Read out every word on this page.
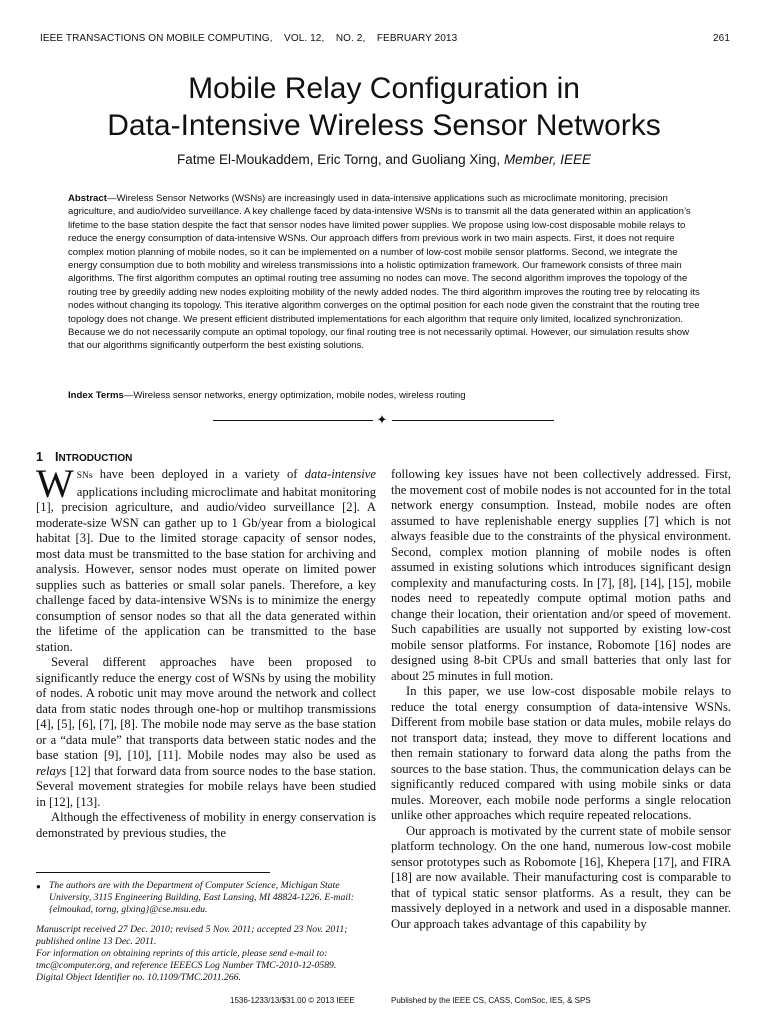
IEEE TRANSACTIONS ON MOBILE COMPUTING,    VOL. 12,    NO. 2,    FEBRUARY 2013	261
Mobile Relay Configuration in
Data-Intensive Wireless Sensor Networks
Fatme El-Moukaddem, Eric Torng, and Guoliang Xing, Member, IEEE
Abstract—Wireless Sensor Networks (WSNs) are increasingly used in data-intensive applications such as microclimate monitoring, precision agriculture, and audio/video surveillance. A key challenge faced by data-intensive WSNs is to transmit all the data generated within an application’s lifetime to the base station despite the fact that sensor nodes have limited power supplies. We propose using low-cost disposable mobile relays to reduce the energy consumption of data-intensive WSNs. Our approach differs from previous work in two main aspects. First, it does not require complex motion planning of mobile nodes, so it can be implemented on a number of low-cost mobile sensor platforms. Second, we integrate the energy consumption due to both mobility and wireless transmissions into a holistic optimization framework. Our framework consists of three main algorithms. The first algorithm computes an optimal routing tree assuming no nodes can move. The second algorithm improves the topology of the routing tree by greedily adding new nodes exploiting mobility of the newly added nodes. The third algorithm improves the routing tree by relocating its nodes without changing its topology. This iterative algorithm converges on the optimal position for each node given the constraint that the routing tree topology does not change. We present efficient distributed implementations for each algorithm that require only limited, localized synchronization. Because we do not necessarily compute an optimal topology, our final routing tree is not necessarily optimal. However, our simulation results show that our algorithms significantly outperform the best existing solutions.
Index Terms—Wireless sensor networks, energy optimization, mobile nodes, wireless routing
✦
1 INTRODUCTION

W SNs have been deployed in a variety of data-intensive applications including microclimate and habitat monitoring [1], precision agriculture, and audio/video surveillance [2]. A moderate-size WSN can gather up to 1 Gb/year from a biological habitat [3]. Due to the limited storage capacity of sensor nodes, most data must be transmitted to the base station for archiving and analysis. However, sensor nodes must operate on limited power supplies such as batteries or small solar panels. Therefore, a key challenge faced by data-intensive WSNs is to minimize the energy consumption of sensor nodes so that all the data generated within the lifetime of the application can be transmitted to the base station.

Several different approaches have been proposed to significantly reduce the energy cost of WSNs by using the mobility of nodes. A robotic unit may move around the network and collect data from static nodes through one-hop or multihop transmissions [4], [5], [6], [7], [8]. The mobile node may serve as the base station or a “data mule” that transports data between static nodes and the base station [9], [10], [11]. Mobile nodes may also be used as relays [12] that forward data from source nodes to the base station. Several movement strategies for mobile relays have been studied in [12], [13].

Although the effectiveness of mobility in energy conservation is demonstrated by previous studies, the

following key issues have not been collectively addressed. First, the movement cost of mobile nodes is not accounted for in the total network energy consumption. Instead, mobile nodes are often assumed to have replenishable energy supplies [7] which is not always feasible due to the constraints of the physical environment. Second, complex motion planning of mobile nodes is often assumed in existing solutions which introduces significant design complexity and manufacturing costs. In [7], [8], [14], [15], mobile nodes need to repeatedly compute optimal motion paths and change their location, their orientation and/or speed of movement. Such capabilities are usually not supported by existing low-cost mobile sensor platforms. For instance, Robomote [16] nodes are designed using 8-bit CPUs and small batteries that only last for about 25 minutes in full motion.

In this paper, we use low-cost disposable mobile relays to reduce the total energy consumption of data-intensive WSNs. Different from mobile base station or data mules, mobile relays do not transport data; instead, they move to different locations and then remain stationary to forward data along the paths from the sources to the base station. Thus, the communication delays can be significantly reduced compared with using mobile sinks or data mules. Moreover, each mobile node performs a single relocation unlike other approaches which require repeated relocations.

Our approach is motivated by the current state of mobile sensor platform technology. On the one hand, numerous low-cost mobile sensor prototypes such as Robomote [16], Khepera [17], and FIRA [18] are now available. Their manufacturing cost is comparable to that of typical static sensor platforms. As a result, they can be massively deployed in a network and used in a disposable manner. Our approach takes advantage of this capability by

● The authors are with the Department of Computer Science, Michigan State University, 3115 Engineering Building, East Lansing, MI 48824-1226. E-mail: {elmoukad, torng, glxing}@cse.msu.edu.

Manuscript received 27 Dec. 2010; revised 5 Nov. 2011; accepted 23 Nov. 2011; published online 13 Dec. 2011.

For information on obtaining reprints of this article, please send e-mail to: tmc@computer.org, and reference IEEECS Log Number TMC-2010-12-0589.

Digital Object Identifier no. 10.1109/TMC.2011.266.

1536-1233/13/$31.00 © 2013 IEEE	Published by the IEEE CS, CASS, ComSoc, IES, & SPS
